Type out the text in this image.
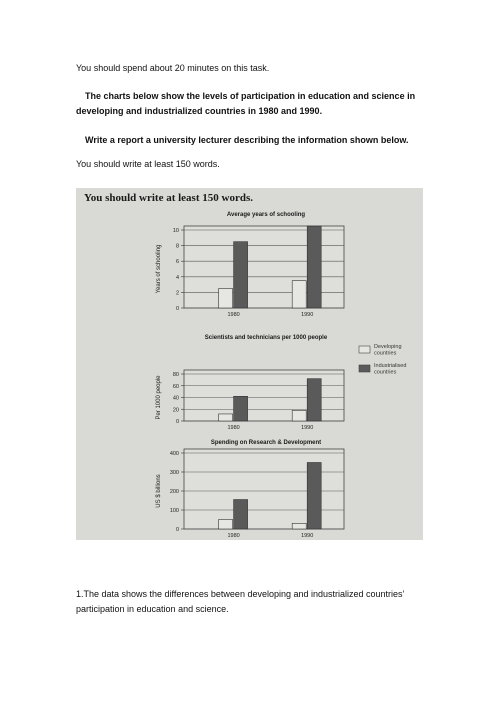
You should spend about 20 minutes on this task.
The charts below show the levels of participation in education and science in developing and industrialized countries in 1980 and 1990.
Write a report a university lecturer describing the information shown below.
You should write at least 150 words.
You should write at least 150 words.
Average years of schooling
0
2
4
6
8
10
Years of schooling
1980	1990
Scientists and technicians per 1000 people
0
20
40
60
80
Per 1000 people
1980	1990
Spending on Research & Development
0
100
200
300
400
US $ billions
1980	1990
Developing countries
Industrialised countries
1.The data shows the differences between developing and industrialized countries’ participation in education and science.
